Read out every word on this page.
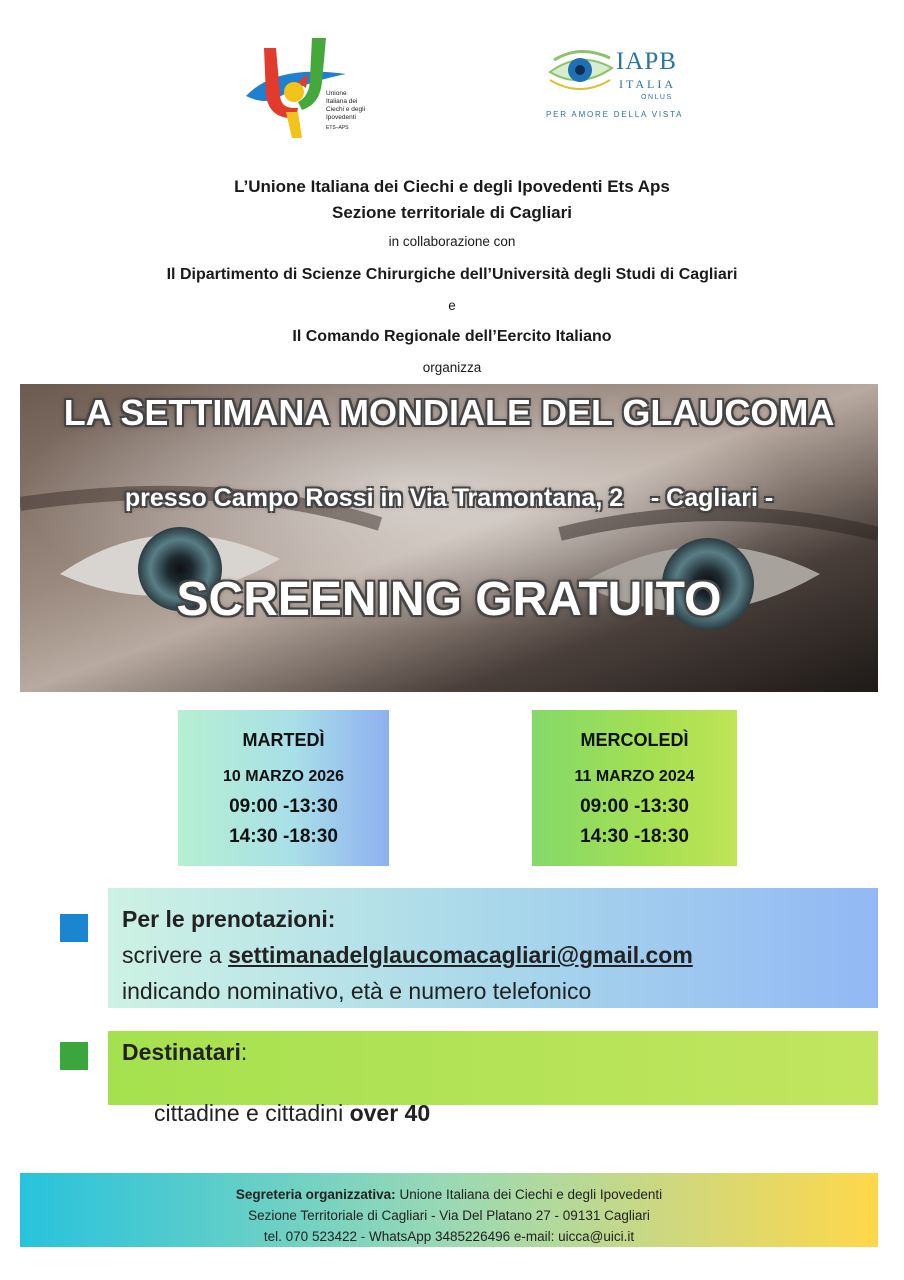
Unione
Italiana dei
Ciechi e degli
Ipovedenti
ETS–APS
IAPB
ITALIA
ONLUS
PER AMORE DELLA VISTA
L’Unione Italiana dei Ciechi e degli Ipovedenti Ets Aps
Sezione territoriale di Cagliari
in collaborazione con
Il Dipartimento di Scienze Chirurgiche dell’Università degli Studi di Cagliari
e
Il Comando Regionale dell’Eercito Italiano
organizza
LA SETTIMANA MONDIALE DEL GLAUCOMA
presso Campo Rossi in Via Tramontana, 2    - Cagliari -
SCREENING GRATUITO
MARTEDÌ
10 MARZO 2026
09:00 -13:30
14:30 -18:30
MERCOLEDÌ
11 MARZO 2024
09:00 -13:30
14:30 -18:30
Per le prenotazioni:
scrivere a settimanadelglaucomacagliari@gmail.com
indicando nominativo, età e numero telefonico
Destinatari:

cittadine e cittadini over 40

Segreteria organizzativa: Unione Italiana dei Ciechi e degli Ipovedenti
Sezione Territoriale di Cagliari - Via Del Platano 27 - 09131 Cagliari
tel. 070 523422 - WhatsApp 3485226496 e-mail: uicca@uici.it
